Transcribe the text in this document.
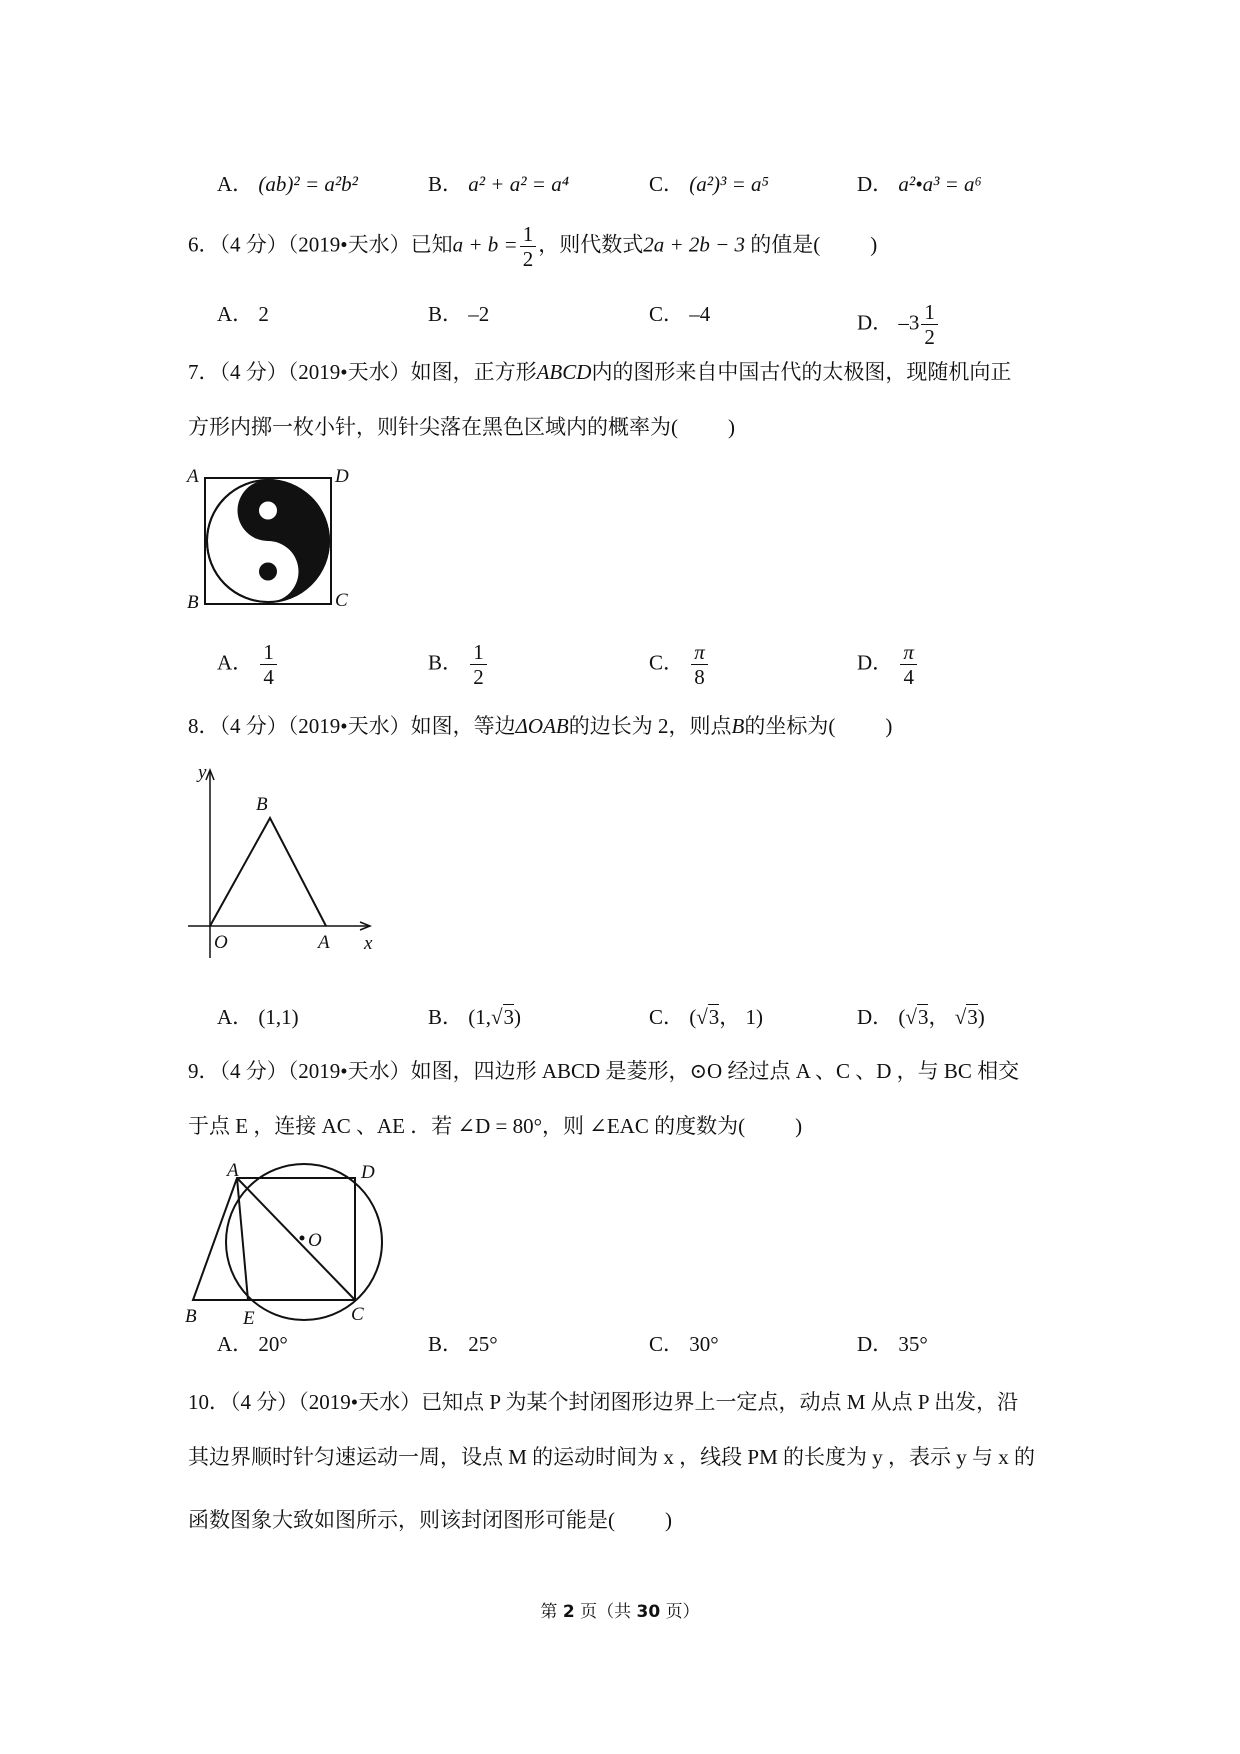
A． (ab)² = a²b²	B． a² + a² = a⁴	C． (a²)³ = a⁵	D． a²•a³ = a⁶
6．（4 分）（2019•天水）已知$a + b = \frac{1}{2}$ ，则代数式2a + 2b − 3 的值是( )
A． 2	B． –2	C． –4	D． $-3 \frac{1}{2}$
7．（4 分）（2019•天水）如图，正方形ABCD内的图形来自中国古代的太极图，现随机向正
方形内掷一枚小针，则针尖落在黑色区域内的概率为( )
A	D
B	C
A． $\frac{1}{4}$	B． $\frac{1}{2}$	C． $\frac{\pi}{8}$	D． $\frac{\pi}{4}$
8．（4 分）（2019•天水）如图，等边ΔOAB的边长为 2，则点B的坐标为( )
y
x
O	A
B
A． (1,1)	B． (1,√3)	C． (√3， 1)	D． (√3， √3)
9．（4 分）（2019•天水）如图，四边形 ABCD 是菱形，⊙O 经过点 A 、C 、D ，与 BC 相交
于点 E ，连接 AC 、AE ．若 ∠D = 80°，则 ∠EAC 的度数为( )
A	D
B E	C
O
A． 20°	B． 25°	C． 30°	D． 35°
10．（4 分）（2019•天水）已知点 P 为某个封闭图形边界上一定点，动点 M 从点 P 出发，沿
其边界顺时针匀速运动一周，设点 M 的运动时间为 x ，线段 PM 的长度为 y ，表示 y 与 x 的
函数图象大致如图所示，则该封闭图形可能是( )
第 2 页（共 30 页）
